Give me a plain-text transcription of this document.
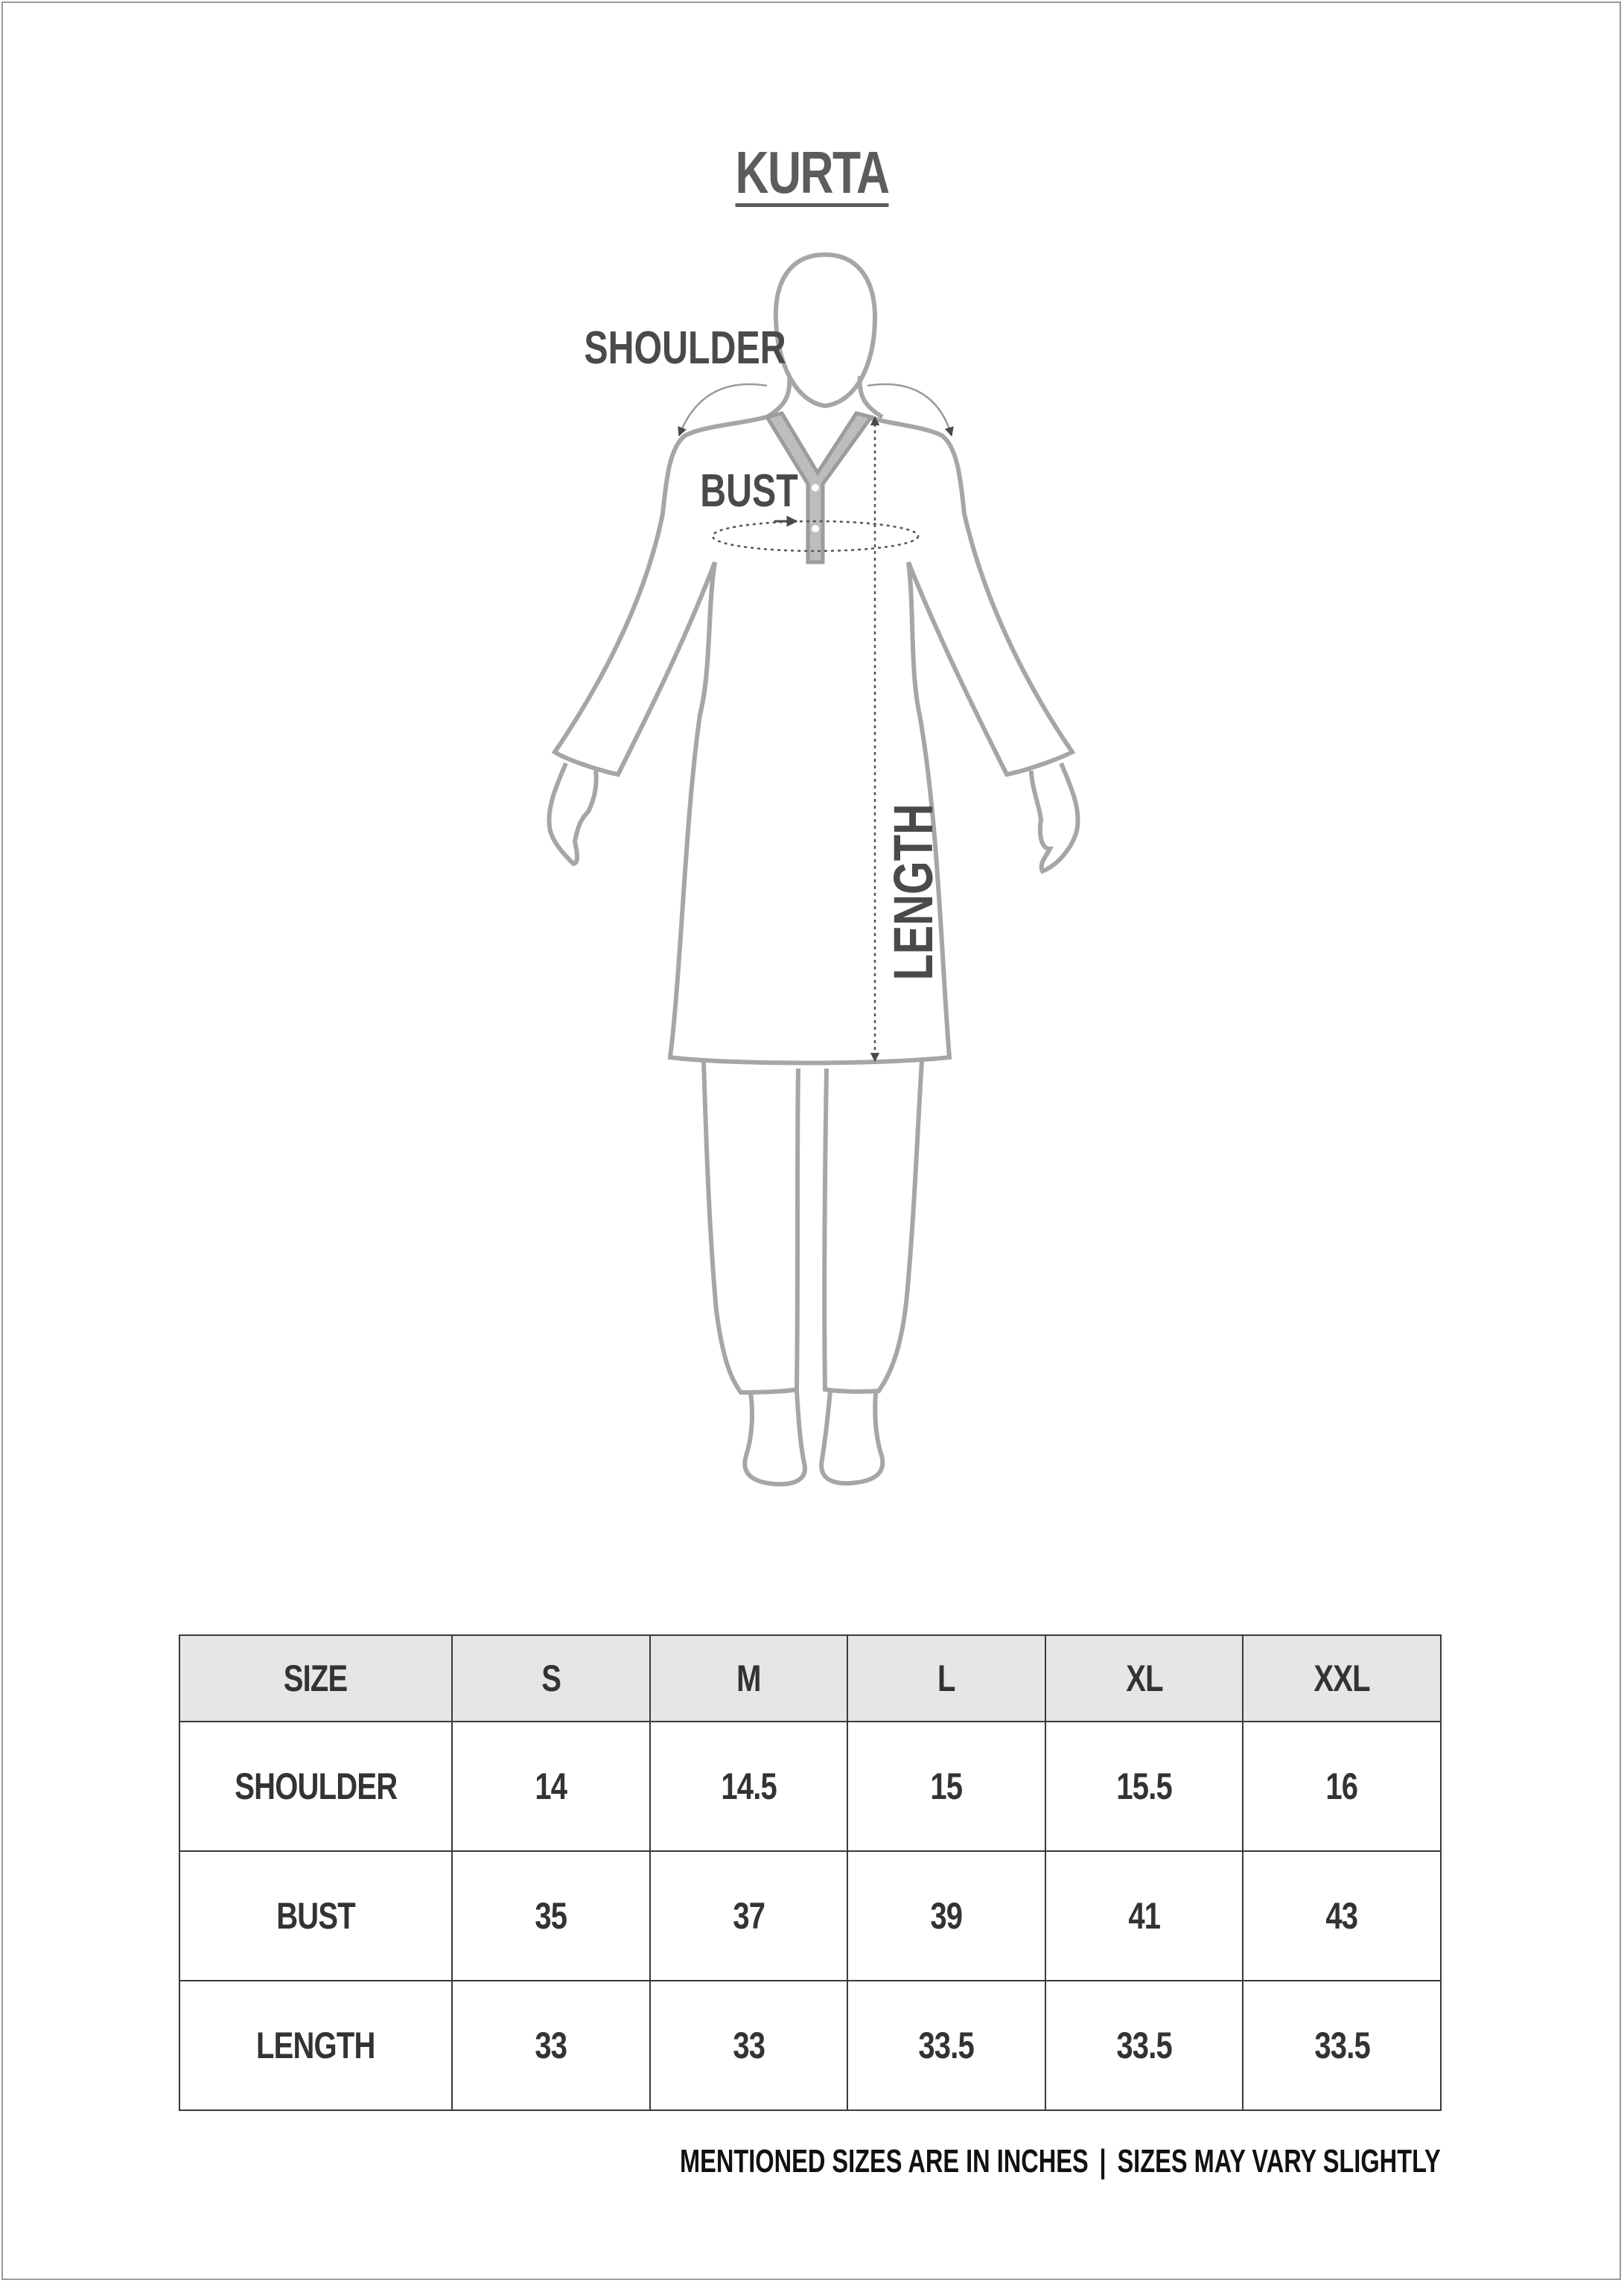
KURTA
SHOULDER
BUST
LENGTH
SIZE	S	M	L	XL	XXL
SHOULDER	14	14.5	15	15.5	16
BUST	35	37	39	41	43
LENGTH	33	33	33.5	33.5	33.5
MENTIONED SIZES ARE IN INCHES | SIZES MAY VARY SLIGHTLY
